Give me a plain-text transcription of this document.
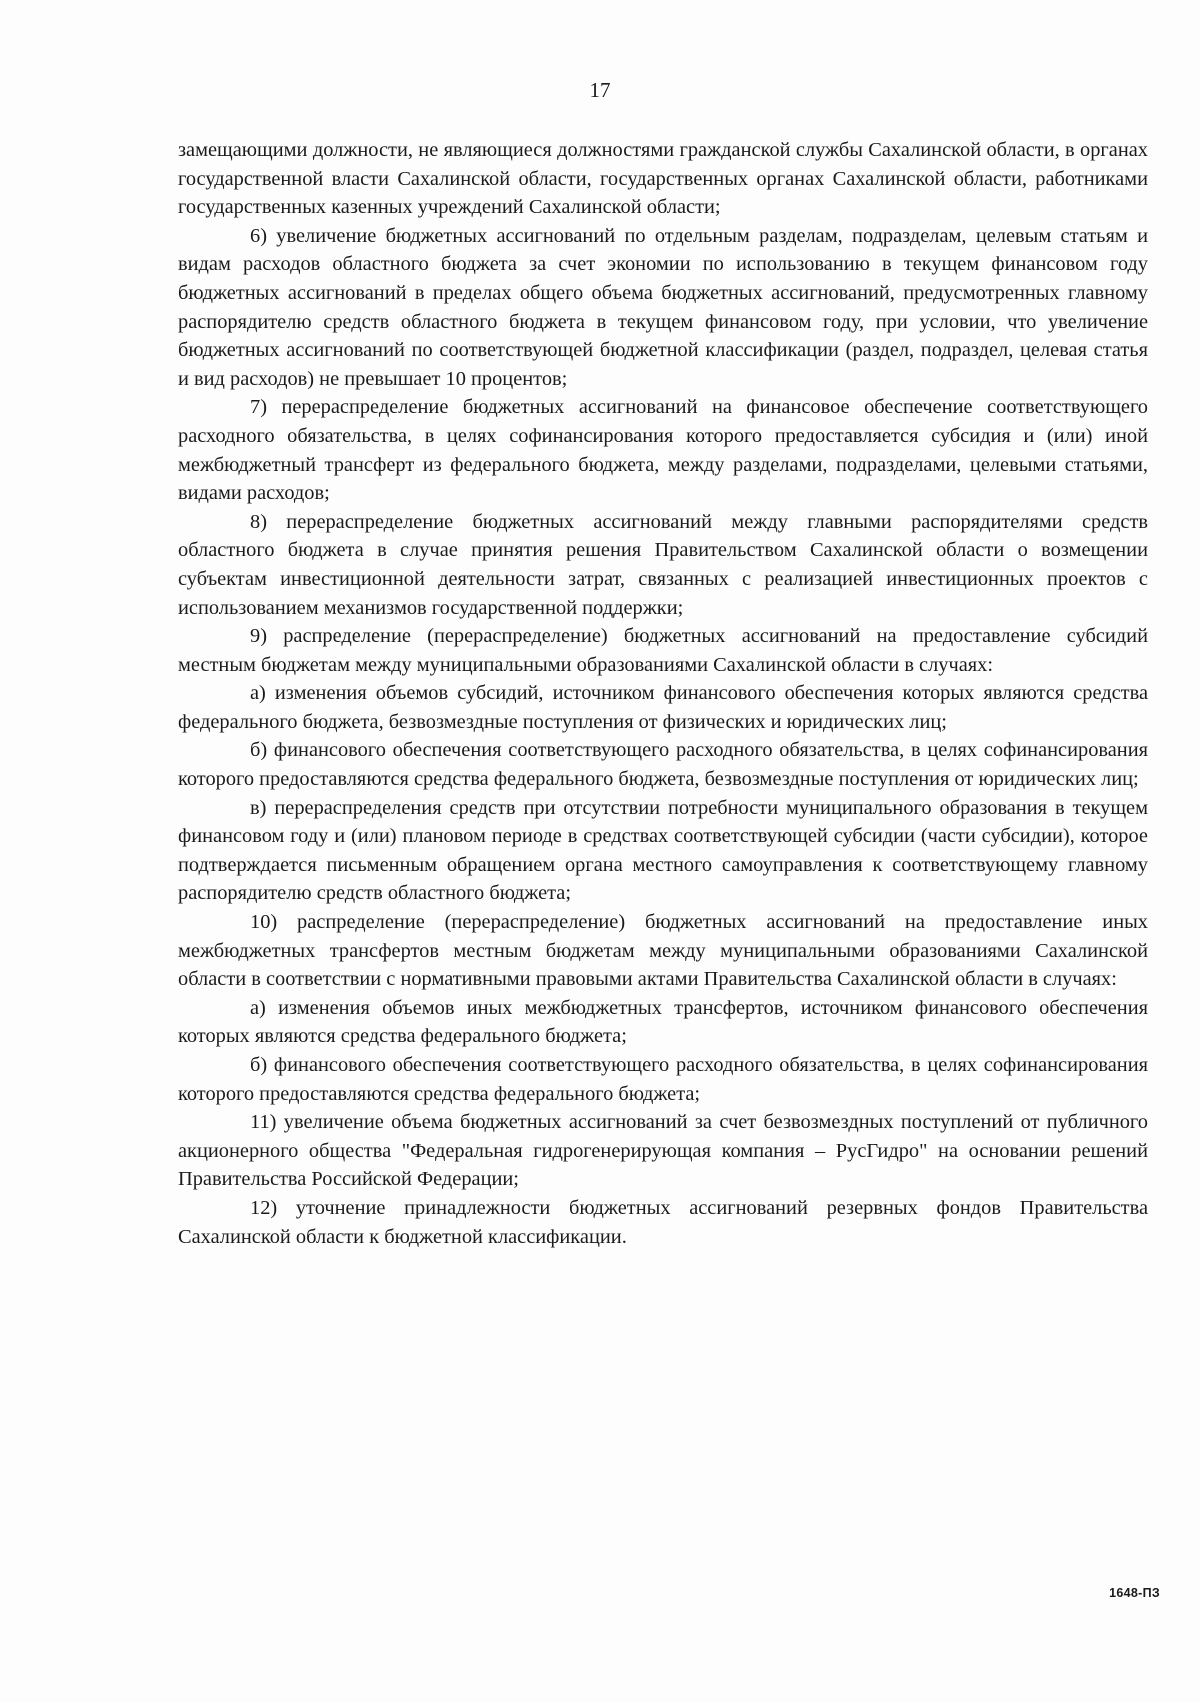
17

замещающими должности, не являющиеся должностями гражданской службы Сахалинской области, в органах государственной власти Сахалинской области, государственных органах Сахалинской области, работниками государственных казенных учреждений Сахалинской области;

6) увеличение бюджетных ассигнований по отдельным разделам, подразделам, целевым статьям и видам расходов областного бюджета за счет экономии по использованию в текущем финансовом году бюджетных ассигнований в пределах общего объема бюджетных ассигнований, предусмотренных главному распорядителю средств областного бюджета в текущем финансовом году, при условии, что увеличение бюджетных ассигнований по соответствующей бюджетной классификации (раздел, подраздел, целевая статья и вид расходов) не превышает 10 процентов;

7) перераспределение бюджетных ассигнований на финансовое обеспечение соответствующего расходного обязательства, в целях софинансирования которого предоставляется субсидия и (или) иной межбюджетный трансферт из федерального бюджета, между разделами, подразделами, целевыми статьями, видами расходов;

8) перераспределение бюджетных ассигнований между главными распорядителями средств областного бюджета в случае принятия решения Правительством Сахалинской области о возмещении субъектам инвестиционной деятельности затрат, связанных с реализацией инвестиционных проектов с использованием механизмов государственной поддержки;

9) распределение (перераспределение) бюджетных ассигнований на предоставление субсидий местным бюджетам между муниципальными образованиями Сахалинской области в случаях:

а) изменения объемов субсидий, источником финансового обеспечения которых являются средства федерального бюджета, безвозмездные поступления от физических и юридических лиц;

б) финансового обеспечения соответствующего расходного обязательства, в целях софинансирования которого предоставляются средства федерального бюджета, безвозмездные поступления от юридических лиц;

в) перераспределения средств при отсутствии потребности муниципального образования в текущем финансовом году и (или) плановом периоде в средствах соответствующей субсидии (части субсидии), которое подтверждается письменным обращением органа местного самоуправления к соответствующему главному распорядителю средств областного бюджета;

10) распределение (перераспределение) бюджетных ассигнований на предоставление иных межбюджетных трансфертов местным бюджетам между муниципальными образованиями Сахалинской области в соответствии с нормативными правовыми актами Правительства Сахалинской области в случаях:

а) изменения объемов иных межбюджетных трансфертов, источником финансового обеспечения которых являются средства федерального бюджета;

б) финансового обеспечения соответствующего расходного обязательства, в целях софинансирования которого предоставляются средства федерального бюджета;

11) увеличение объема бюджетных ассигнований за счет безвозмездных поступлений от публичного акционерного общества "Федеральная гидрогенерирующая компания – РусГидро" на основании решений Правительства Российской Федерации;

12) уточнение принадлежности бюджетных ассигнований резервных фондов Правительства Сахалинской области к бюджетной классификации.

1648-ПЗ
